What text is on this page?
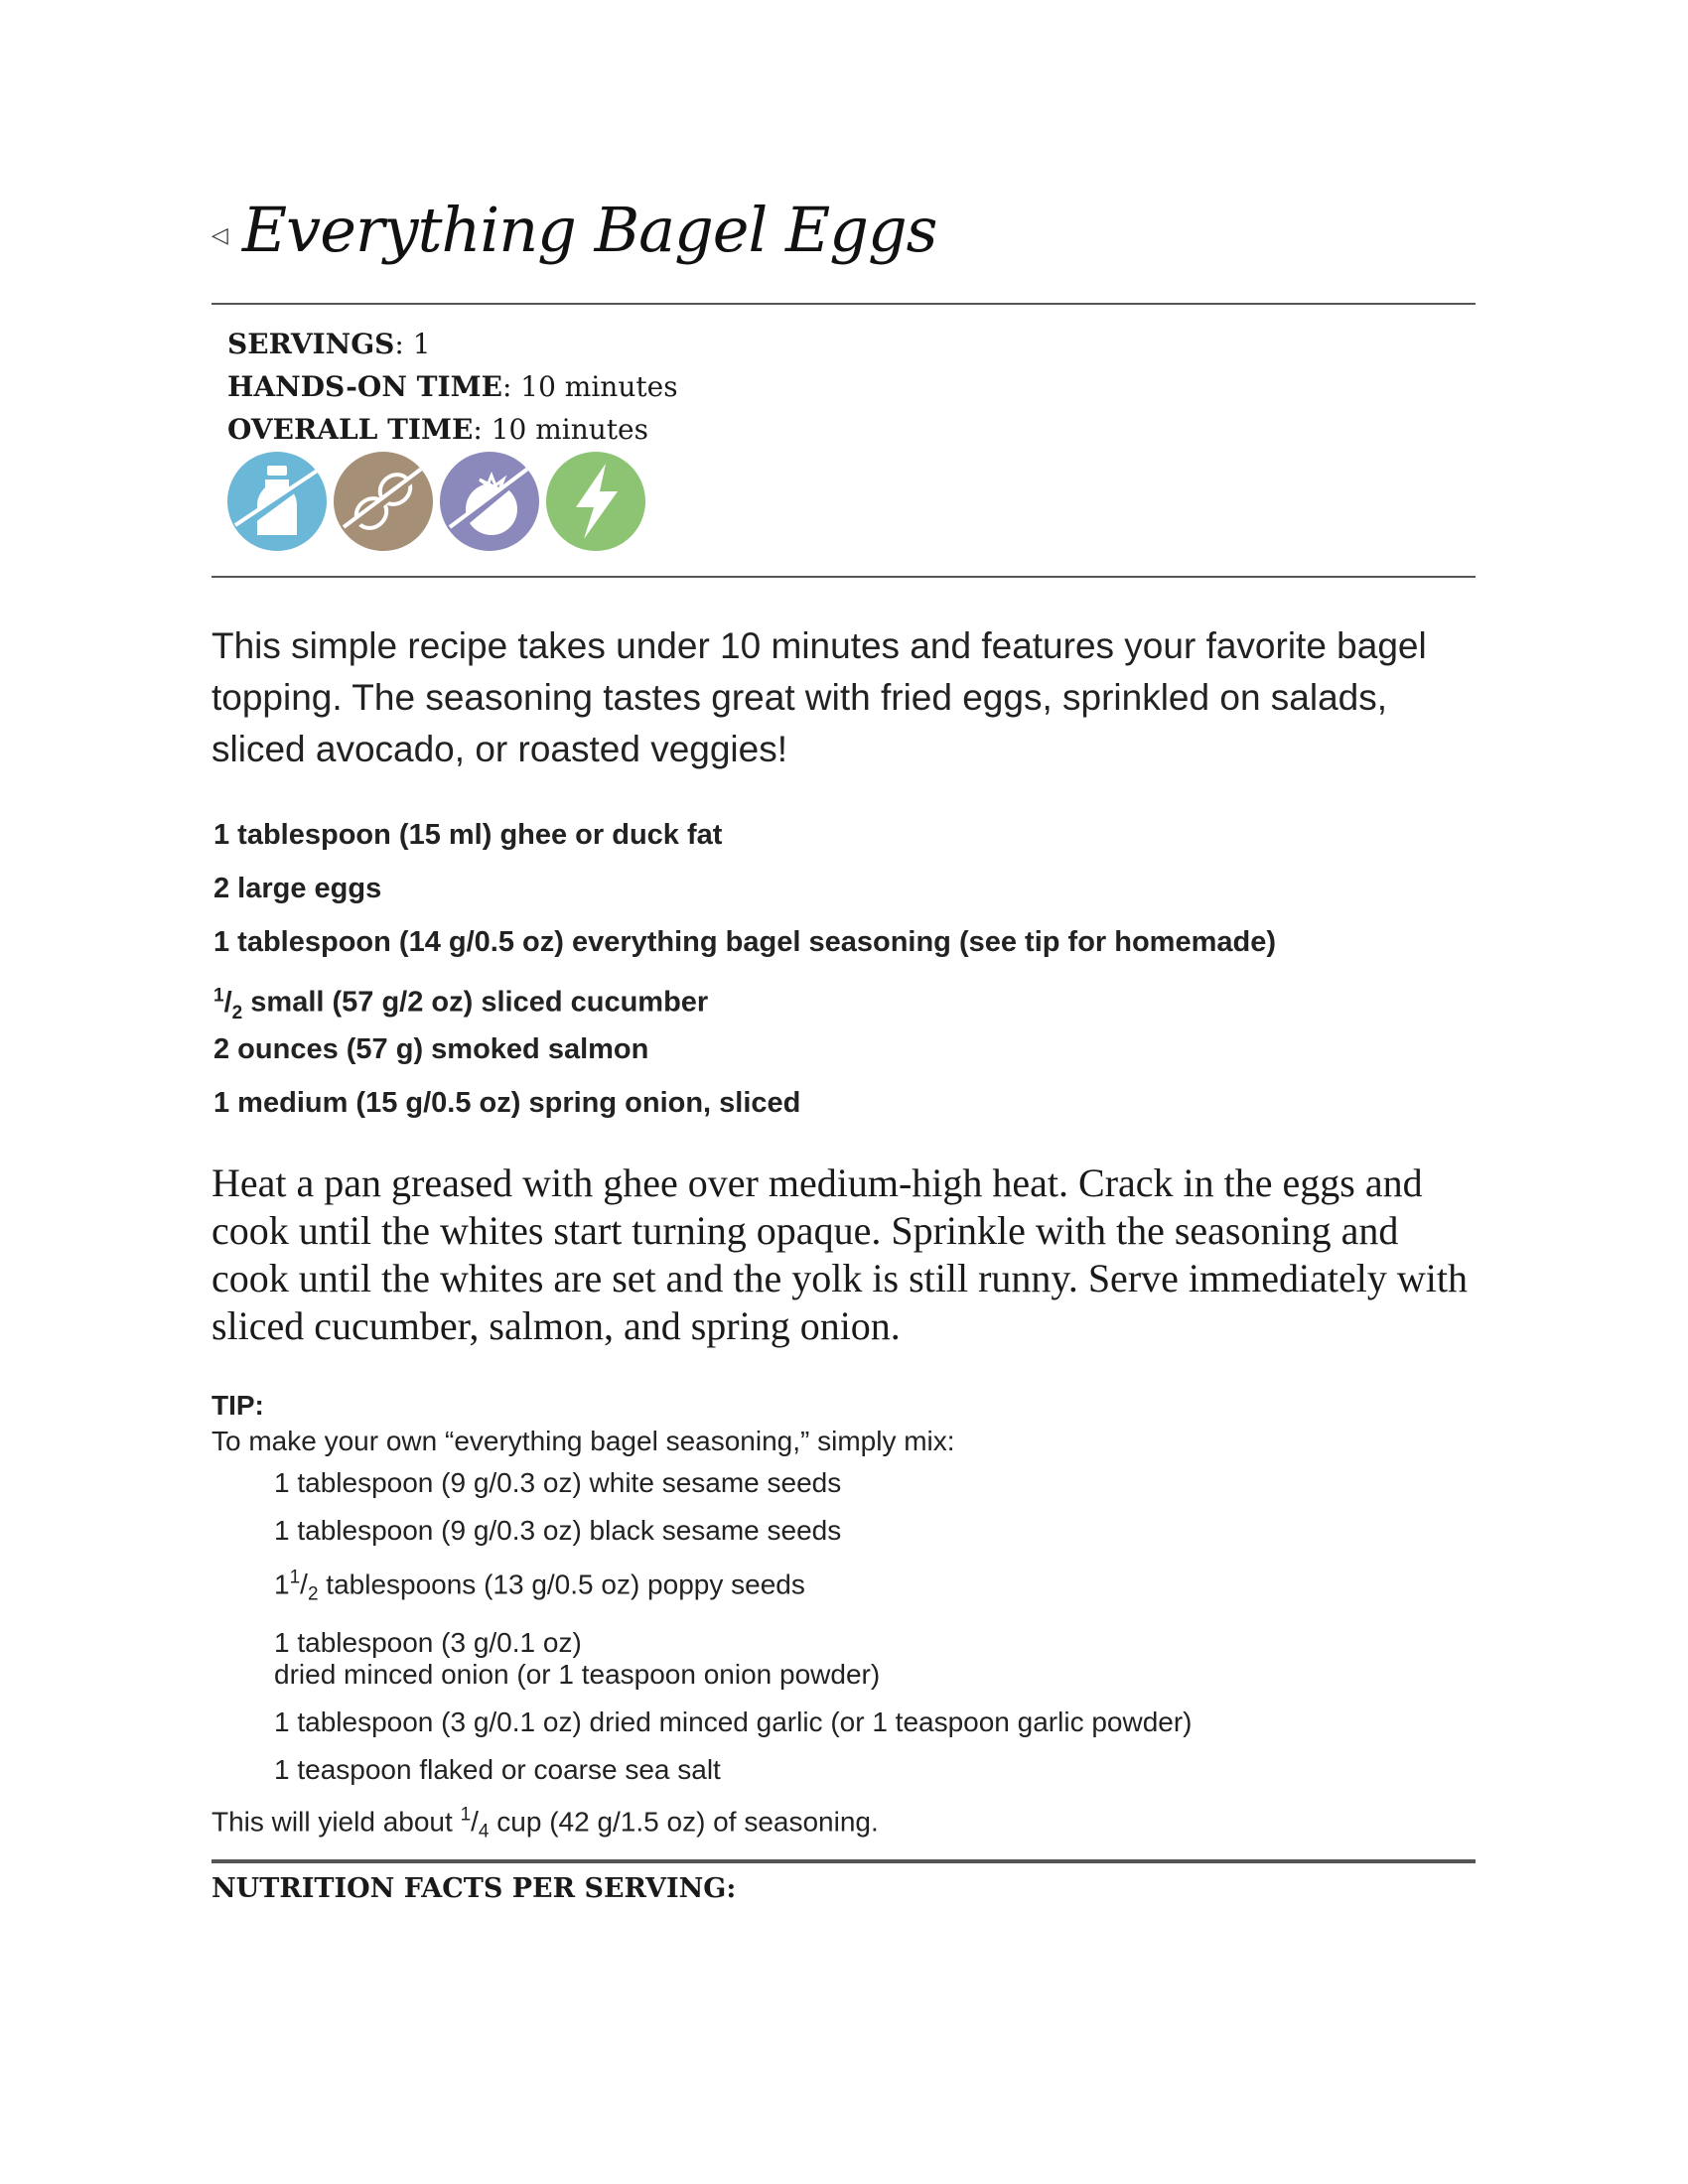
◁ Everything Bagel Eggs
SERVINGS: 1
HANDS-ON TIME: 10 minutes
OVERALL TIME: 10 minutes

This simple recipe takes under 10 minutes and features your favorite bagel topping. The seasoning tastes great with fried eggs, sprinkled on salads, sliced avocado, or roasted veggies!

1 tablespoon (15 ml) ghee or duck fat
2 large eggs
1 tablespoon (14 g/0.5 oz) everything bagel seasoning (see tip for homemade)
$^1/_2$ small (57 g/2 oz) sliced cucumber
2 ounces (57 g) smoked salmon
1 medium (15 g/0.5 oz) spring onion, sliced

Heat a pan greased with ghee over medium-high heat. Crack in the eggs and cook until the whites start turning opaque. Sprinkle with the seasoning and cook until the whites are set and the yolk is still runny. Serve immediately with sliced cucumber, salmon, and spring onion.

TIP:
To make your own “everything bagel seasoning,” simply mix:
1 tablespoon (9 g/0.3 oz) white sesame seeds
1 tablespoon (9 g/0.3 oz) black sesame seeds
$1^1/_2$ tablespoons (13 g/0.5 oz) poppy seeds
1 tablespoon (3 g/0.1 oz)
dried minced onion (or 1 teaspoon onion powder)
1 tablespoon (3 g/0.1 oz) dried minced garlic (or 1 teaspoon garlic powder)
1 teaspoon flaked or coarse sea salt
This will yield about $^1/_4$ cup (42 g/1.5 oz) of seasoning.
NUTRITION FACTS PER SERVING:
